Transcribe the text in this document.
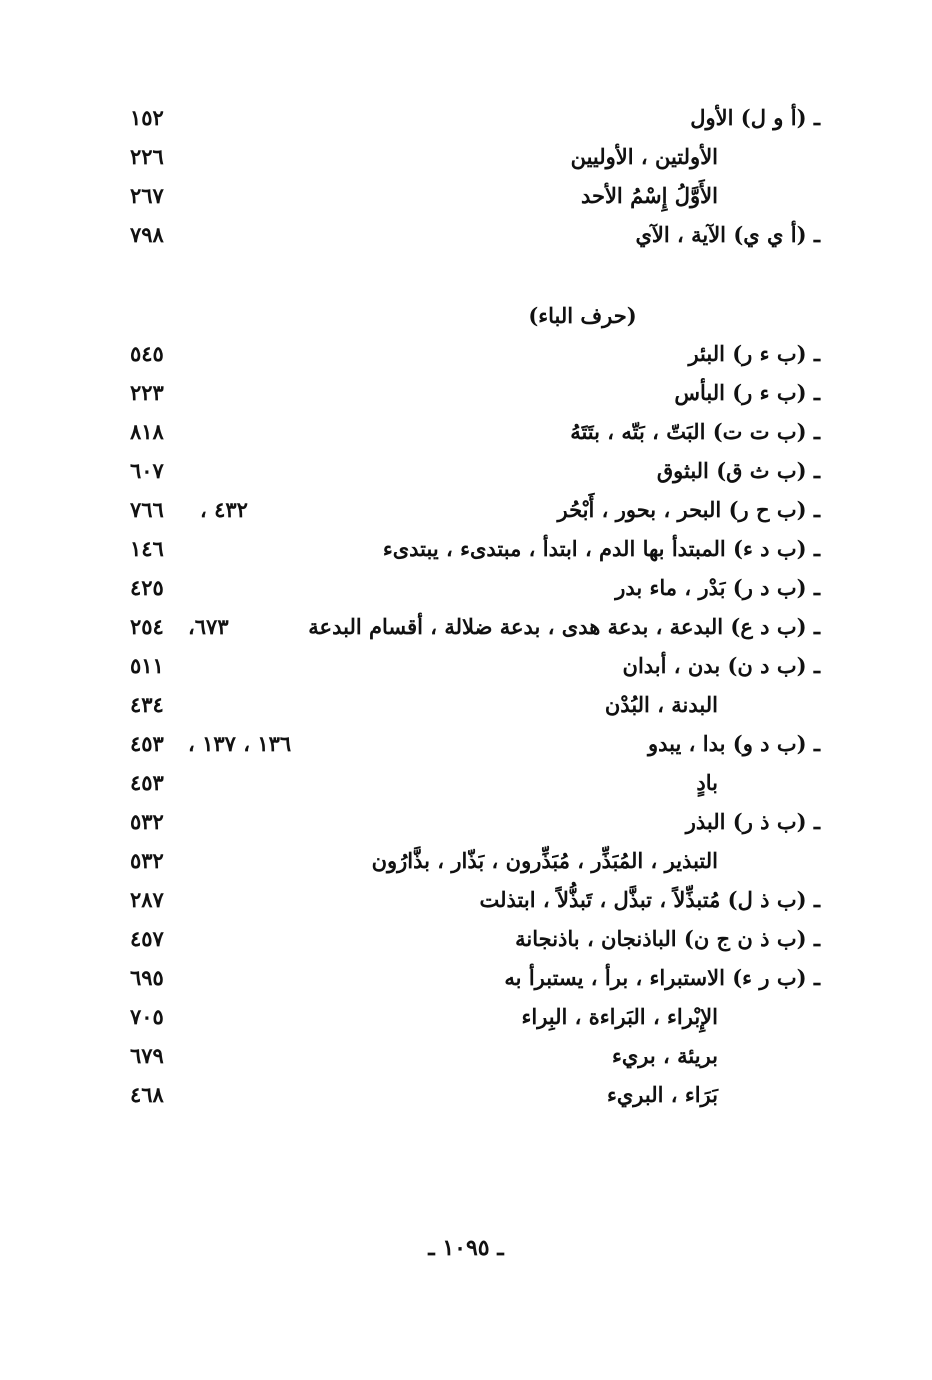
ـ (أ و ل) الأول
١٥٢
الأولتين ، الأوليين
٢٢٦
الأَوَّلُ إِسْمُ الأحد
٢٦٧
ـ (أ ي ي) الآية ، الآي
٧٩٨
(حرف الباء)
ـ (ب ء ر) البئر
٥٤٥
ـ (ب ء ر) البأس
٢٢٣
ـ (ب ت ت) البَتّ ، بَتّه ، بتَتَهُ
٨١٨
ـ (ب ث ق) البثوق
٦٠٧
ـ (ب ح ر) البحر ، بحور ، أَبْحُر
٤٣٢ ،
٧٦٦
ـ (ب د ء) المبتدأ بها الدم ، ابتدأ ، مبتدىء ، يبتدىء
١٤٦
ـ (ب د ر) بَدْر ، ماء بدر
٤٢٥
ـ (ب د ع) البدعة ، بدعة هدى ، بدعة ضلالة ، أقسام البدعة
٦٧٣،
٢٥٤
ـ (ب د ن) بدن ، أبدان
٥١١
البدنة ، البُدْن
٤٣٤
ـ (ب د و) بدا ، يبدو
١٣٦ ، ١٣٧ ،
٤٥٣
بادٍ
٤٥٣
ـ (ب ذ ر) البذر
٥٣٢
التبذير ، المُبَذِّر ، مُبَذِّرون ، بَذّار ، بذَّارُون
٥٣٢
ـ (ب ذ ل) مُتبذِّلاً ، تبذَّل ، تَبذُّلاً ، ابتذلت
٢٨٧
ـ (ب ذ ن ج ن) الباذنجان ، باذنجانة
٤٥٧
ـ (ب ر ء) الاستبراء ، برأ ، يستبرأ به
٦٩٥
الإِبْراء ، البَراءة ، البِراء
٧٠٥
بريئة ، بريء
٦٧٩
بَرَاء ، البريء
٤٦٨
ـ ١٠٩٥ ـ
